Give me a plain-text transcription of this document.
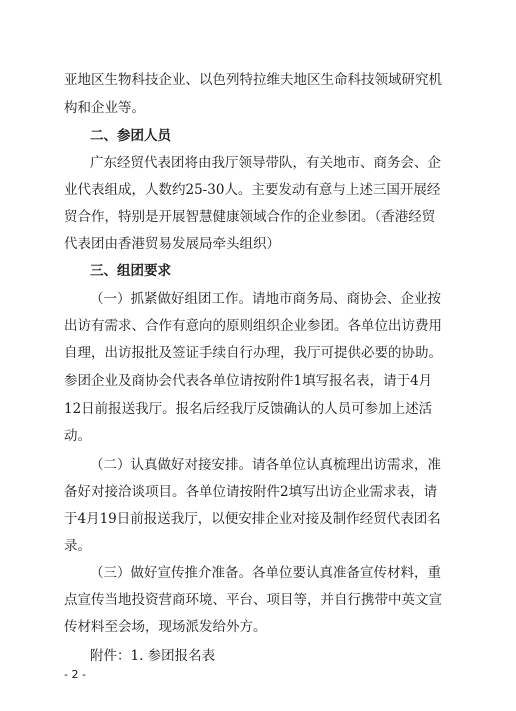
亚地区生物科技企业、以色列特拉维夫地区生命科技领域研究机
构和企业等。
二、参团人员
广东经贸代表团将由我厅领导带队，有关地市、商务会、企
业代表组成，人数约25-30人。主要发动有意与上述三国开展经
贸合作，特别是开展智慧健康领域合作的企业参团。（香港经贸
代表团由香港贸易发展局牵头组织）
三、组团要求
（一）抓紧做好组团工作。请地市商务局、商协会、企业按
出访有需求、合作有意向的原则组织企业参团。各单位出访费用
自理，出访报批及签证手续自行办理，我厅可提供必要的协助。
参团企业及商协会代表各单位请按附件1填写报名表，请于4月
12日前报送我厅。报名后经我厅反馈确认的人员可参加上述活
动。
（二）认真做好对接安排。请各单位认真梳理出访需求，准
备好对接洽谈项目。各单位请按附件2填写出访企业需求表，请
于4月19日前报送我厅，以便安排企业对接及制作经贸代表团名
录。
（三）做好宣传推介准备。各单位要认真准备宣传材料，重
点宣传当地投资营商环境、平台、项目等，并自行携带中英文宣
传材料至会场，现场派发给外方。
附件：1. 参团报名表
- 2 -
